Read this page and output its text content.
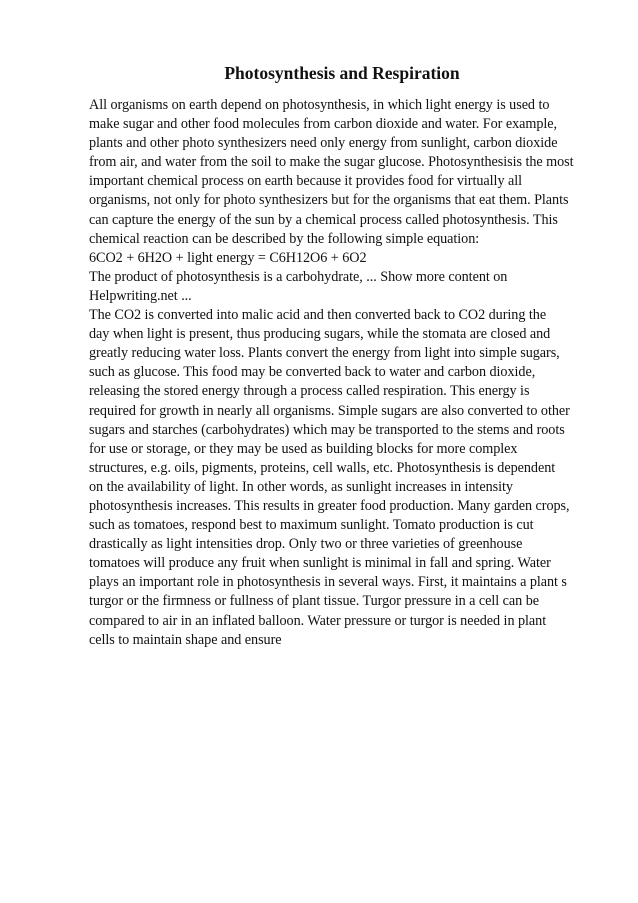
Photosynthesis and Respiration
All organisms on earth depend on photosynthesis, in which light energy is used to
make sugar and other food molecules from carbon dioxide and water. For example,
plants and other photo synthesizers need only energy from sunlight, carbon dioxide
from air, and water from the soil to make the sugar glucose. Photosynthesisis the most
important chemical process on earth because it provides food for virtually all
organisms, not only for photo synthesizers but for the organisms that eat them. Plants
can capture the energy of the sun by a chemical process called photosynthesis. This
chemical reaction can be described by the following simple equation:
6CO2 + 6H2O + light energy = C6H12O6 + 6O2
The product of photosynthesis is a carbohydrate, ... Show more content on
Helpwriting.net ...
The CO2 is converted into malic acid and then converted back to CO2 during the
day when light is present, thus producing sugars, while the stomata are closed and
greatly reducing water loss. Plants convert the energy from light into simple sugars,
such as glucose. This food may be converted back to water and carbon dioxide,
releasing the stored energy through a process called respiration. This energy is
required for growth in nearly all organisms. Simple sugars are also converted to other
sugars and starches (carbohydrates) which may be transported to the stems and roots
for use or storage, or they may be used as building blocks for more complex
structures, e.g. oils, pigments, proteins, cell walls, etc. Photosynthesis is dependent
on the availability of light. In other words, as sunlight increases in intensity
photosynthesis increases. This results in greater food production. Many garden crops,
such as tomatoes, respond best to maximum sunlight. Tomato production is cut
drastically as light intensities drop. Only two or three varieties of greenhouse
tomatoes will produce any fruit when sunlight is minimal in fall and spring. Water
plays an important role in photosynthesis in several ways. First, it maintains a plant s
turgor or the firmness or fullness of plant tissue. Turgor pressure in a cell can be
compared to air in an inflated balloon. Water pressure or turgor is needed in plant
cells to maintain shape and ensure
